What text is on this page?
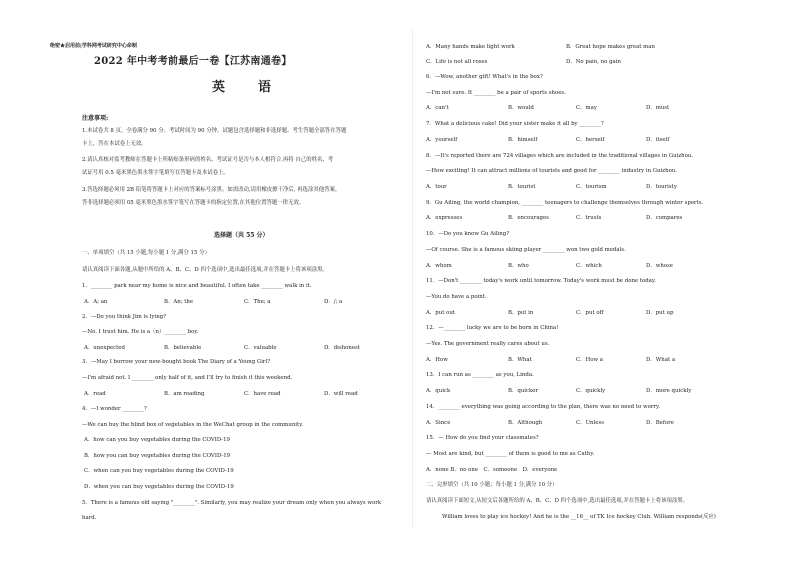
绝密★启用前|学科网考试研究中心命制
2022 年中考考前最后一卷【江苏南通卷】
英　语
注意事项:
1.本试卷共 8 页。全卷满分 90 分。考试时间为 90 分钟。试题包含选择题和非选择题。考生答题全部答在答题
卡上，答在本试卷上无效。
2.请认真核对监考教师在答题卡上所粘贴条形码的姓名、考试证号是否与本人相符合.再将 自己的姓名、考
试证号用 0.5 毫米黑色墨水签字笔填写在答题卡及本试卷上。
3.答选择题必须用 2B 铅笔将答题卡上对应的答案标号涂黑。如需改动,请用橡皮擦干净后, 再选涂其他答案。
答非选择题必须用 05 毫米黑色墨水签字笔写在答题卡的指定位置,在其他位置答题一律无效。
选择题（共 55 分）
一、单项填空（共 15 小题,每小题 1 分,满分 15 分）
请认真阅读下面各题,从题中所给的 A、B、C、D 四个选项中,选出最佳选项,并在答题卡上将该项涂黑。
1．________ park near my home is nice and beautiful. I often take ________ walk in it.
A．A; an	B．An; the	C．The; a	D．/; a
2．—Do you think Jim is lying?
—No. I trust him. He is a（n）________ boy.
A．unexpected	B．believable	C．valuable	D．dishonest
3．—May I borrow your new-bought book The Diary of a Young Girl?
—I'm afraid not. I ________ only half of it, and I'll try to finish it this weekend.
A．read	B．am reading	C．have read	D．will read
4．—I wonder ________?
—We can buy the blind box of vegetables in the WeChat group in the community.
A．how can you buy vegetables during the COVID-19
B．how you can buy vegetables during the COVID-19
C．when can you buy vegetables during the COVID-19
D．when you can buy vegetables during the COVID-19
5．There is a famous old saying "________". Similarly, you may realize your dream only when you always work
hard.
A．Many hands make light work	B．Great hope makes great man
C．Life is not all roses	D．No pain, no gain
6．—Wow, another gift! What's in the box?
—I'm not sure. It ________ be a pair of sports shoes.
A．can't	B．would	C．may	D．must
7．What a delicious cake! Did your sister make it all by ________?
A．yourself	B．himself	C．herself	D．itself
8．—It's reported there are 724 villages which are included in the traditional villages in Guizhou.
—How exciting! It can attract millions of tourists and good for ________ industry in Guizhou.
A．tour	B．tourist	C．tourism	D．touristy
9．Gu Ailing, the world champion, ________ teenagers to challenge themselves through winter sports.
A．expresses	B．encourages	C．trusts	D．compares
10．—Do you know Gu Ailing?
—Of course. She is a famous skiing player ________ won two gold medals.
A．whom	B．who	C．which	D．whose
11．—Don't ________ today's work until tomorrow. Today's work must be done today.
—You do have a point.
A．put out	B．put in	C．put off	D．put up
12．—________ lucky we are to be born in China!
—Yes. The government really cares about us.
A．How	B．What	C．How a	D．What a
13．I can run as ________ as you, Linda.
A．quick	B．quicker	C．quickly	D．more quickly
14．________ everything was going according to the plan, there was no need to worry.
A．Since	B．Although	C．Unless	D．Before
15．— How do you find your classmates?
— Most are kind, but ________ of them is good to me as Cathy.
A．none B．no one　C．someone　D．everyone
二、完形填空（共 10 小题；每小题 1 分,满分 10 分）
请认真阅读下面短文,从短文后各题所给的 A、B、C、D 四个选项中,选出最佳选项,并在答题卡上将该项涂黑。
William loves to play ice hockey! And he is the __16__ of TK Ice hockey Club. William responds(反应)
